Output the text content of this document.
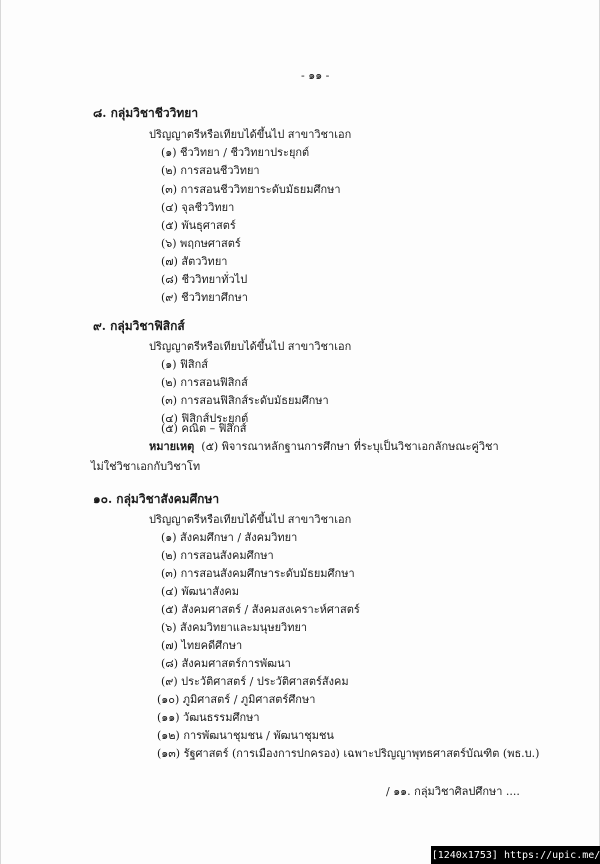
- ๑๑ -
๘. กลุ่มวิชาชีววิทยา
ปริญญาตรีหรือเทียบได้ขึ้นไป สาขาวิชาเอก
(๑) ชีววิทยา / ชีววิทยาประยุกต์
(๒) การสอนชีววิทยา
(๓) การสอนชีววิทยาระดับมัธยมศึกษา
(๔) จุลชีววิทยา
(๕) พันธุศาสตร์
(๖) พฤกษศาสตร์
(๗) สัตววิทยา
(๘) ชีววิทยาทั่วไป
(๙) ชีววิทยาศึกษา
๙. กลุ่มวิชาฟิสิกส์
ปริญญาตรีหรือเทียบได้ขึ้นไป สาขาวิชาเอก
(๑) ฟิสิกส์
(๒) การสอนฟิสิกส์
(๓) การสอนฟิสิกส์ระดับมัธยมศึกษา
(๔) ฟิสิกส์ประยุกต์
(๕) คณิต – ฟิสิกส์
หมายเหตุ (๕) พิจารณาหลักฐานการศึกษา ที่ระบุเป็นวิชาเอกลักษณะคู่วิชา
ไม่ใช่วิชาเอกกับวิชาโท
๑๐. กลุ่มวิชาสังคมศึกษา
ปริญญาตรีหรือเทียบได้ขึ้นไป สาขาวิชาเอก
(๑) สังคมศึกษา / สังคมวิทยา
(๒) การสอนสังคมศึกษา
(๓) การสอนสังคมศึกษาระดับมัธยมศึกษา
(๔) พัฒนาสังคม
(๕) สังคมศาสตร์ / สังคมสงเคราะห์ศาสตร์
(๖) สังคมวิทยาและมนุษยวิทยา
(๗) ไทยคดีศึกษา
(๘) สังคมศาสตร์การพัฒนา
(๙) ประวัติศาสตร์ / ประวัติศาสตร์สังคม
(๑๐) ภูมิศาสตร์ / ภูมิศาสตร์ศึกษา
(๑๑) วัฒนธรรมศึกษา
(๑๒) การพัฒนาชุมชน / พัฒนาชุมชน
(๑๓) รัฐศาสตร์ (การเมืองการปกครอง) เฉพาะปริญญาพุทธศาสตร์บัณฑิต (พธ.บ.)
/ ๑๑. กลุ่มวิชาศิลปศึกษา ....
[1240x1753] https://upic.me/
